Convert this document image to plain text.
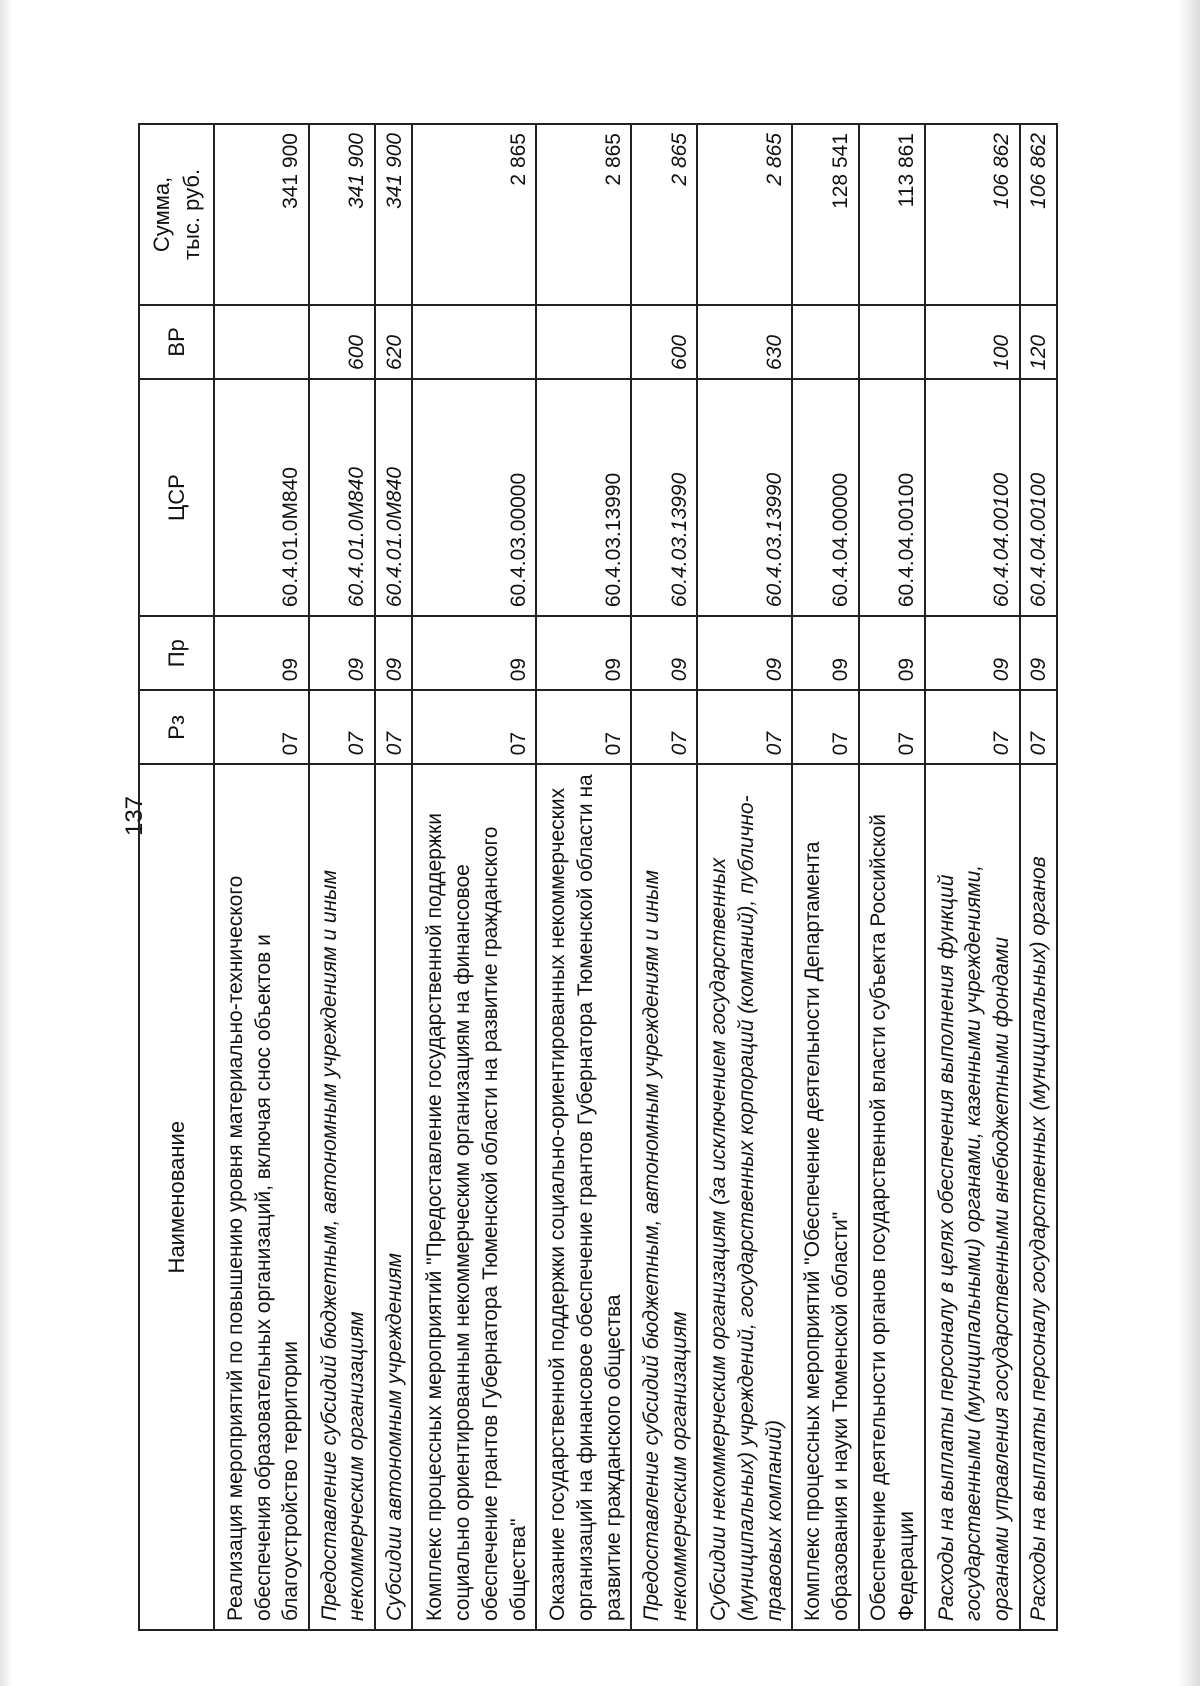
137
Наименование	Рз	Пр	ЦСР	ВР	Сумма, тыс. руб.
Реализация мероприятий по повышению уровня материально-технического обеспечения образовательных организаций, включая снос объектов и благоустройство территории	07	09	60.4.01.0М840		341 900
Предоставление субсидий бюджетным, автономным учреждениям и иным некоммерческим организациям	07	09	60.4.01.0М840	600	341 900
Субсидии автономным учреждениям	07	09	60.4.01.0М840	620	341 900
Комплекс процессных мероприятий "Предоставление государственной поддержки социально ориентированным некоммерческим организациям на финансовое обеспечение грантов Губернатора Тюменской области на развитие гражданского общества"	07	09	60.4.03.00000		2 865
Оказание государственной поддержки социально-ориентированных некоммерческих организаций на финансовое обеспечение грантов Губернатора Тюменской области на развитие гражданского общества	07	09	60.4.03.13990		2 865
Предоставление субсидий бюджетным, автономным учреждениям и иным некоммерческим организациям	07	09	60.4.03.13990	600	2 865
Субсидии некоммерческим организациям (за исключением государственных (муниципальных) учреждений, государственных корпораций (компаний), публично-правовых компаний)	07	09	60.4.03.13990	630	2 865
Комплекс процессных мероприятий "Обеспечение деятельности Департамента образования и науки Тюменской области"	07	09	60.4.04.00000		128 541
Обеспечение деятельности органов государственной власти субъекта Российской Федерации	07	09	60.4.04.00100		113 861
Расходы на выплаты персоналу в целях обеспечения выполнения функций государственными (муниципальными) органами, казенными учреждениями, органами управления государственными внебюджетными фондами	07	09	60.4.04.00100	100	106 862
Расходы на выплаты персоналу государственных (муниципальных) органов	07	09	60.4.04.00100	120	106 862
